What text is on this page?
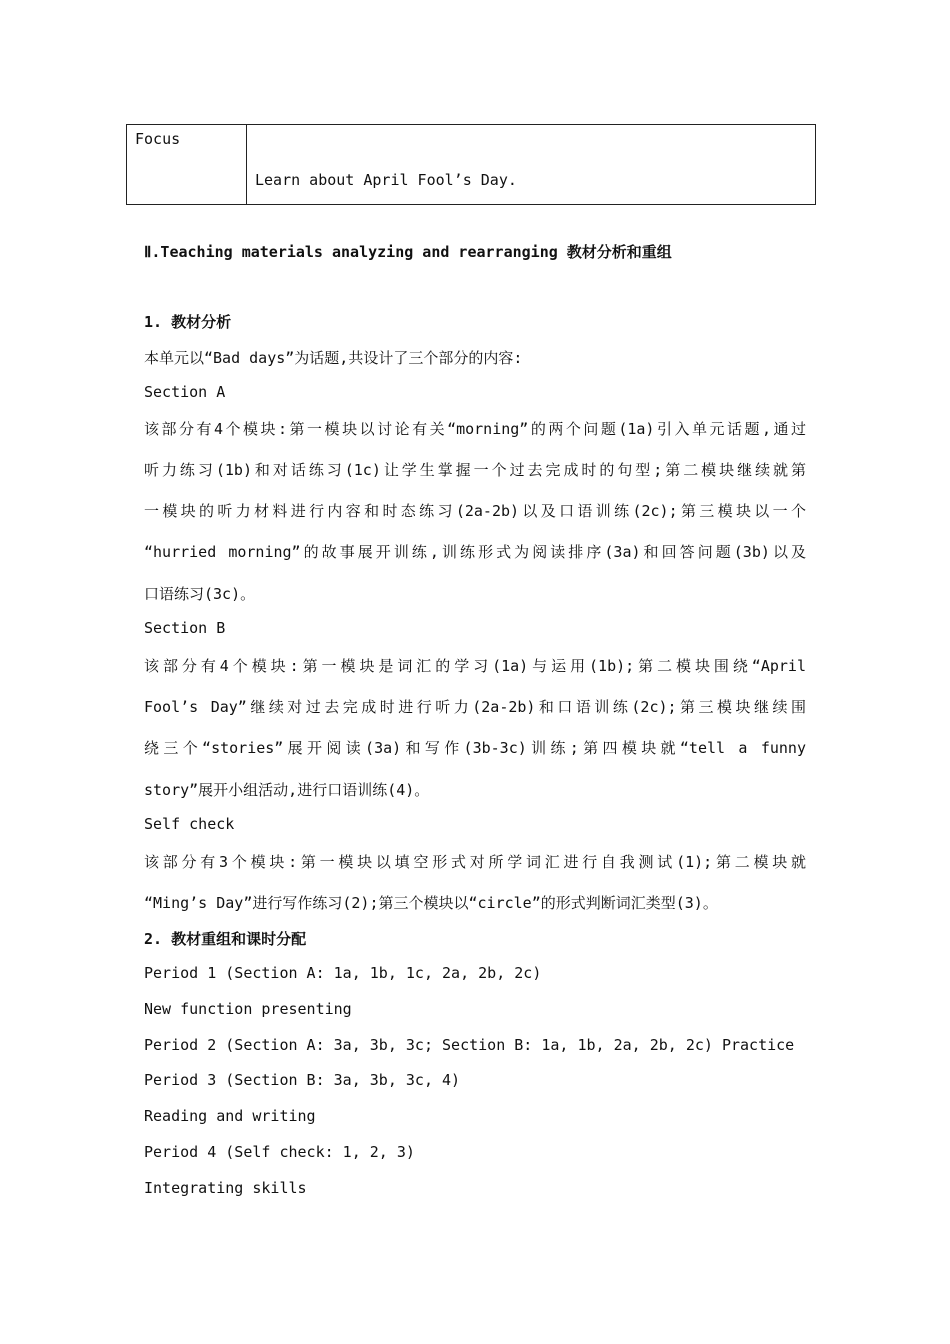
Focus	Learn about April Fool’s Day.
Ⅱ.Teaching materials analyzing and rearranging 教材分析和重组
1. 教材分析
本单元以“Bad days”为话题,共设计了三个部分的内容:
Section A
该部分有4个模块:第一模块以讨论有关“morning”的两个问题(1a)引入单元话题,通过
听力练习(1b)和对话练习(1c)让学生掌握一个过去完成时的句型;第二模块继续就第
一模块的听力材料进行内容和时态练习(2a-2b)以及口语训练(2c);第三模块以一个
“hurried morning”的故事展开训练,训练形式为阅读排序(3a)和回答问题(3b)以及
口语练习(3c)。
Section B
该部分有4个模块:第一模块是词汇的学习(1a)与运用(1b);第二模块围绕“April
Fool’s Day”继续对过去完成时进行听力(2a-2b)和口语训练(2c);第三模块继续围
绕三个“stories”展开阅读(3a)和写作(3b-3c)训练;第四模块就“tell a funny
story”展开小组活动,进行口语训练(4)。
Self check
该部分有3个模块:第一模块以填空形式对所学词汇进行自我测试(1);第二模块就
“Ming’s Day”进行写作练习(2);第三个模块以“circle”的形式判断词汇类型(3)。
2. 教材重组和课时分配
Period 1 (Section A: 1a, 1b, 1c, 2a, 2b, 2c)
New function presenting
Period 2 (Section A: 3a, 3b, 3c; Section B: 1a, 1b, 2a, 2b, 2c) Practice
Period 3 (Section B: 3a, 3b, 3c, 4)
Reading and writing
Period 4 (Self check: 1, 2, 3)
Integrating skills
